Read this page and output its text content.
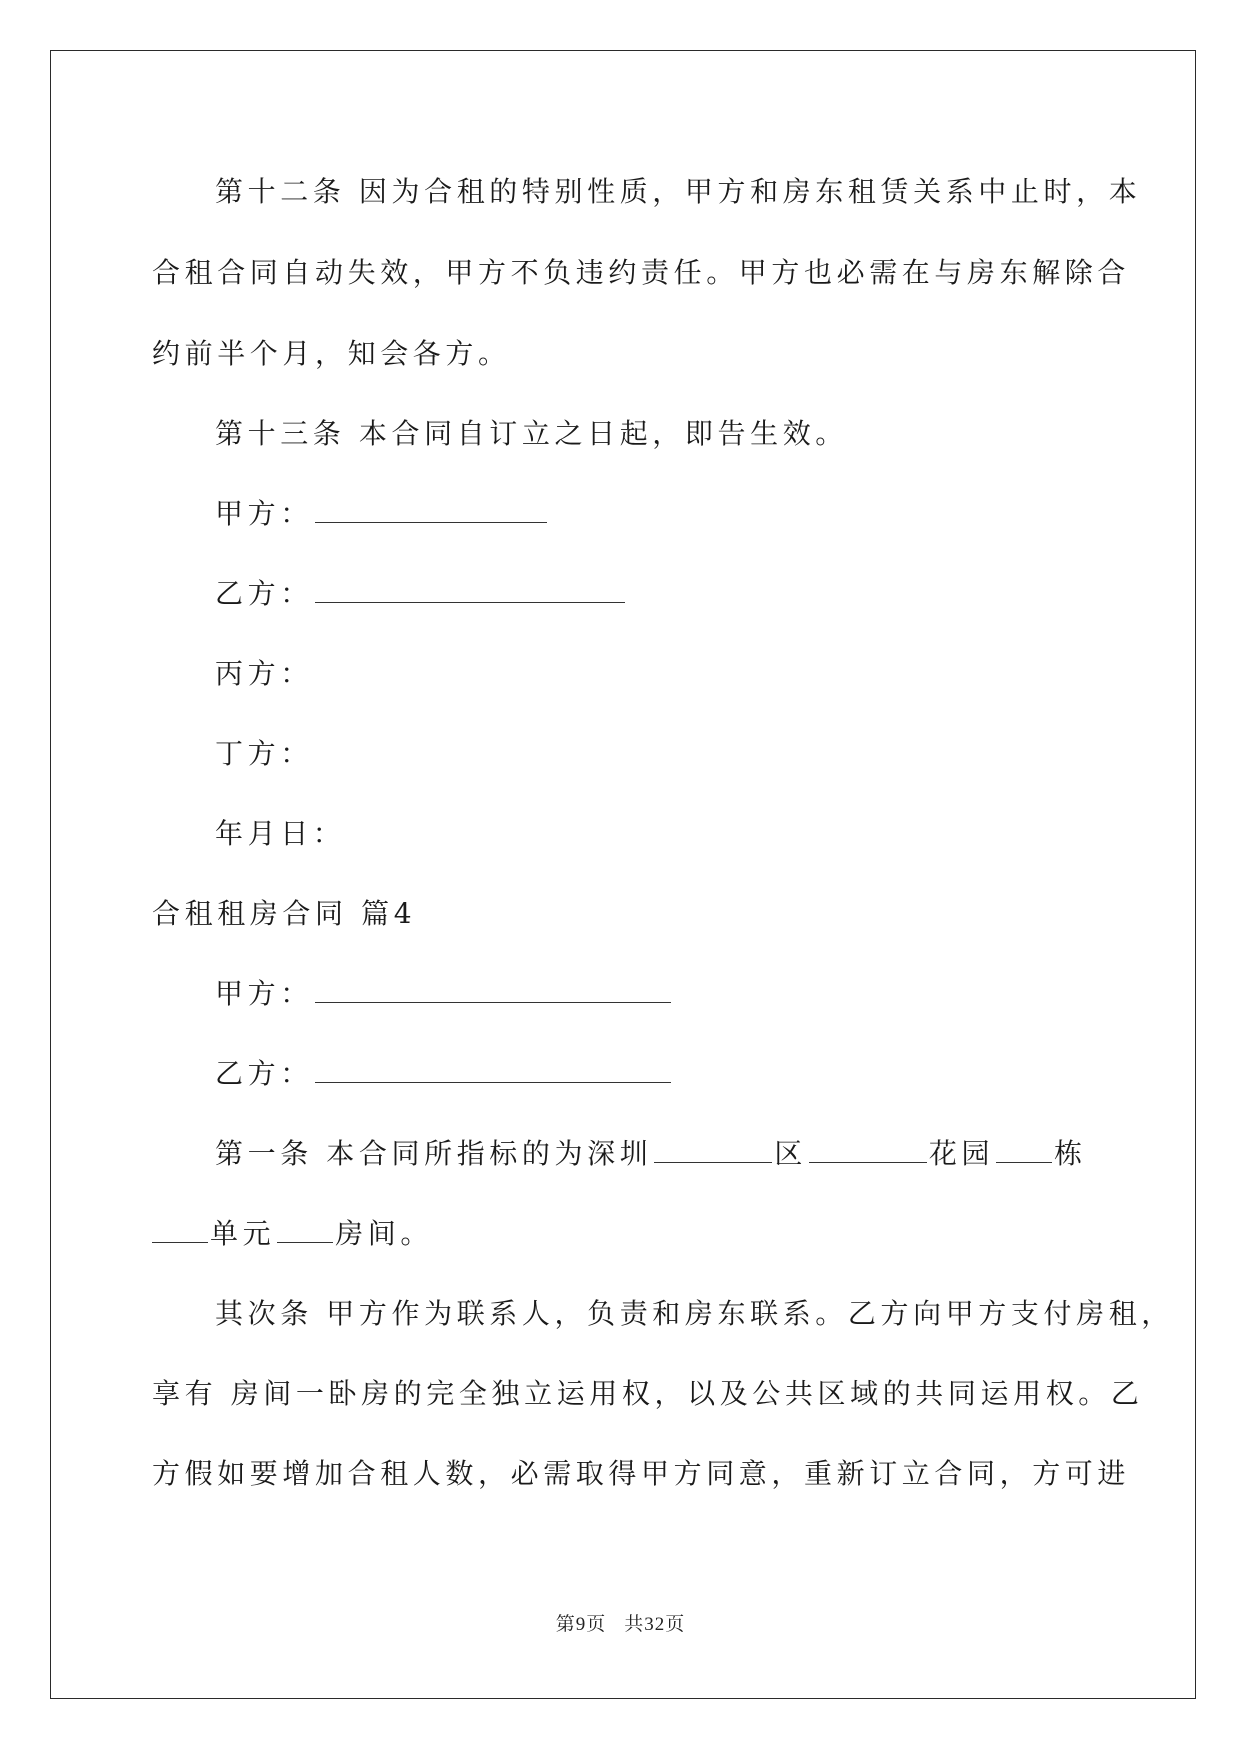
第十二条 因为合租的特别性质，甲方和房东租赁关系中止时，本
合租合同自动失效，甲方不负违约责任。甲方也必需在与房东解除合
约前半个月，知会各方。
第十三条 本合同自订立之日起，即告生效。
甲方：
乙方：
丙方：
丁方：
年月日：
合租租房合同 篇4
甲方：
乙方：
第一条 本合同所指标的为深圳	区	花园 栋
单元 房间。
其次条 甲方作为联系人，负责和房东联系。乙方向甲方支付房租，
享有 房间一卧房的完全独立运用权，以及公共区域的共同运用权。乙
方假如要增加合租人数，必需取得甲方同意，重新订立合同，方可进
第9页 共32页
